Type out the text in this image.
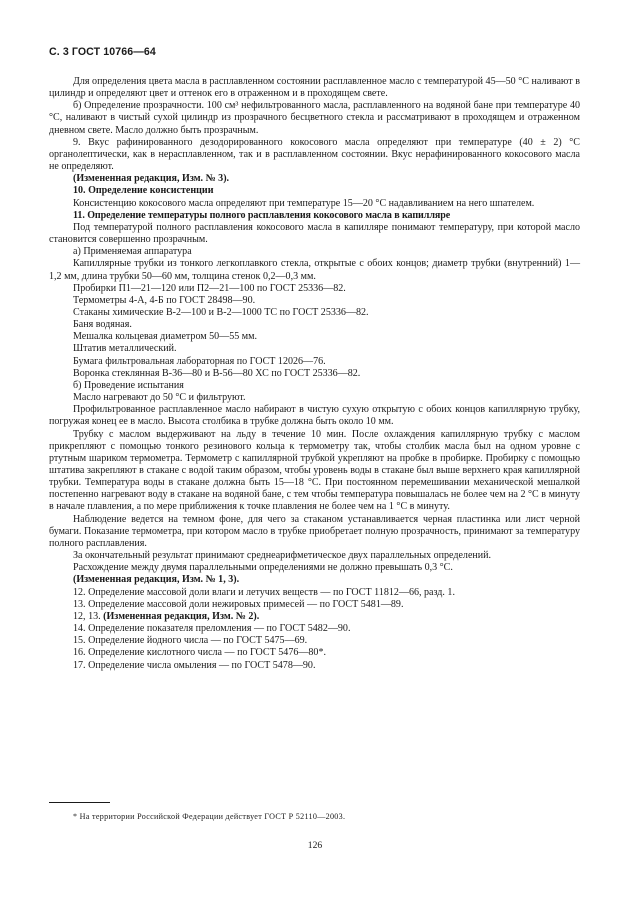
С. 3 ГОСТ 10766—64

Для определения цвета масла в расплавленном состоянии расплавленное масло с температурой 45—50 °С наливают в цилиндр и определяют цвет и оттенок его в отраженном и в проходящем свете.

б) Определение прозрачности. 100 см³ нефильтрованного масла, расплавленного на водяной бане при температуре 40 °С, наливают в чистый сухой цилиндр из прозрачного бесцветного стекла и рассматривают в проходящем и отраженном дневном свете. Масло должно быть прозрачным.

9. Вкус рафинированного дезодорированного кокосового масла определяют при температуре (40 ± 2) °С органолептически, как в нерасплавленном, так и в расплавленном состоянии. Вкус нерафинированного кокосового масла не определяют.

(Измененная редакция, Изм. № 3).

10. Определение консистенции

Консистенцию кокосового масла определяют при температуре 15—20 °С надавливанием на него шпателем.

11. Определение температуры полного расплавления кокосового масла в капилляре

Под температурой полного расплавления кокосового масла в капилляре понимают температуру, при которой масло становится совершенно прозрачным.

а) Применяемая аппаратура

Капиллярные трубки из тонкого легкоплавкого стекла, открытые с обоих концов; диаметр трубки (внутренний) 1—1,2 мм, длина трубки 50—60 мм, толщина стенок 0,2—0,3 мм.

Пробирки П1—21—120 или П2—21—100 по ГОСТ 25336—82.

Термометры 4-А, 4-Б по ГОСТ 28498—90.

Стаканы химические В-2—100 и В-2—1000 ТС по ГОСТ 25336—82.

Баня водяная.

Мешалка кольцевая диаметром 50—55 мм.

Штатив металлический.

Бумага фильтровальная лабораторная по ГОСТ 12026—76.

Воронка стеклянная В-36—80 и В-56—80 ХС по ГОСТ 25336—82.

б) Проведение испытания

Масло нагревают до 50 °С и фильтруют.

Профильтрованное расплавленное масло набирают в чистую сухую открытую с обоих концов капиллярную трубку, погружая конец ее в масло. Высота столбика в трубке должна быть около 10 мм.

Трубку с маслом выдерживают на льду в течение 10 мин. После охлаждения капиллярную трубку с маслом прикрепляют с помощью тонкого резинового кольца к термометру так, чтобы столбик масла был на одном уровне с ртутным шариком термометра. Термометр с капиллярной трубкой укрепляют на пробке в пробирке. Пробирку с помощью штатива закрепляют в стакане с водой таким образом, чтобы уровень воды в стакане был выше верхнего края капиллярной трубки. Температура воды в стакане должна быть 15—18 °С. При постоянном перемешивании механической мешалкой постепенно нагревают воду в стакане на водяной бане, с тем чтобы температура повышалась не более чем на 2 °С в минуту в начале плавления, а по мере приближения к точке плавления не более чем на 1 °С в минуту.

Наблюдение ведется на темном фоне, для чего за стаканом устанавливается черная пластинка или лист черной бумаги. Показание термометра, при котором масло в трубке приобретает полную прозрачность, принимают за температуру полного расплавления.

За окончательный результат принимают среднеарифметическое двух параллельных определений.

Расхождение между двумя параллельными определениями не должно превышать 0,3 °С.

(Измененная редакция, Изм. № 1, 3).

12. Определение массовой доли влаги и летучих веществ — по ГОСТ 11812—66, разд. 1.

13. Определение массовой доли нежировых примесей — по ГОСТ 5481—89.

12, 13. (Измененная редакция, Изм. № 2).

14. Определение показателя преломления — по ГОСТ 5482—90.

15. Определение йодного числа — по ГОСТ 5475—69.

16. Определение кислотного числа — по ГОСТ 5476—80*.

17. Определение числа омыления — по ГОСТ 5478—90.

* На территории Российской Федерации действует ГОСТ Р 52110—2003.
126
